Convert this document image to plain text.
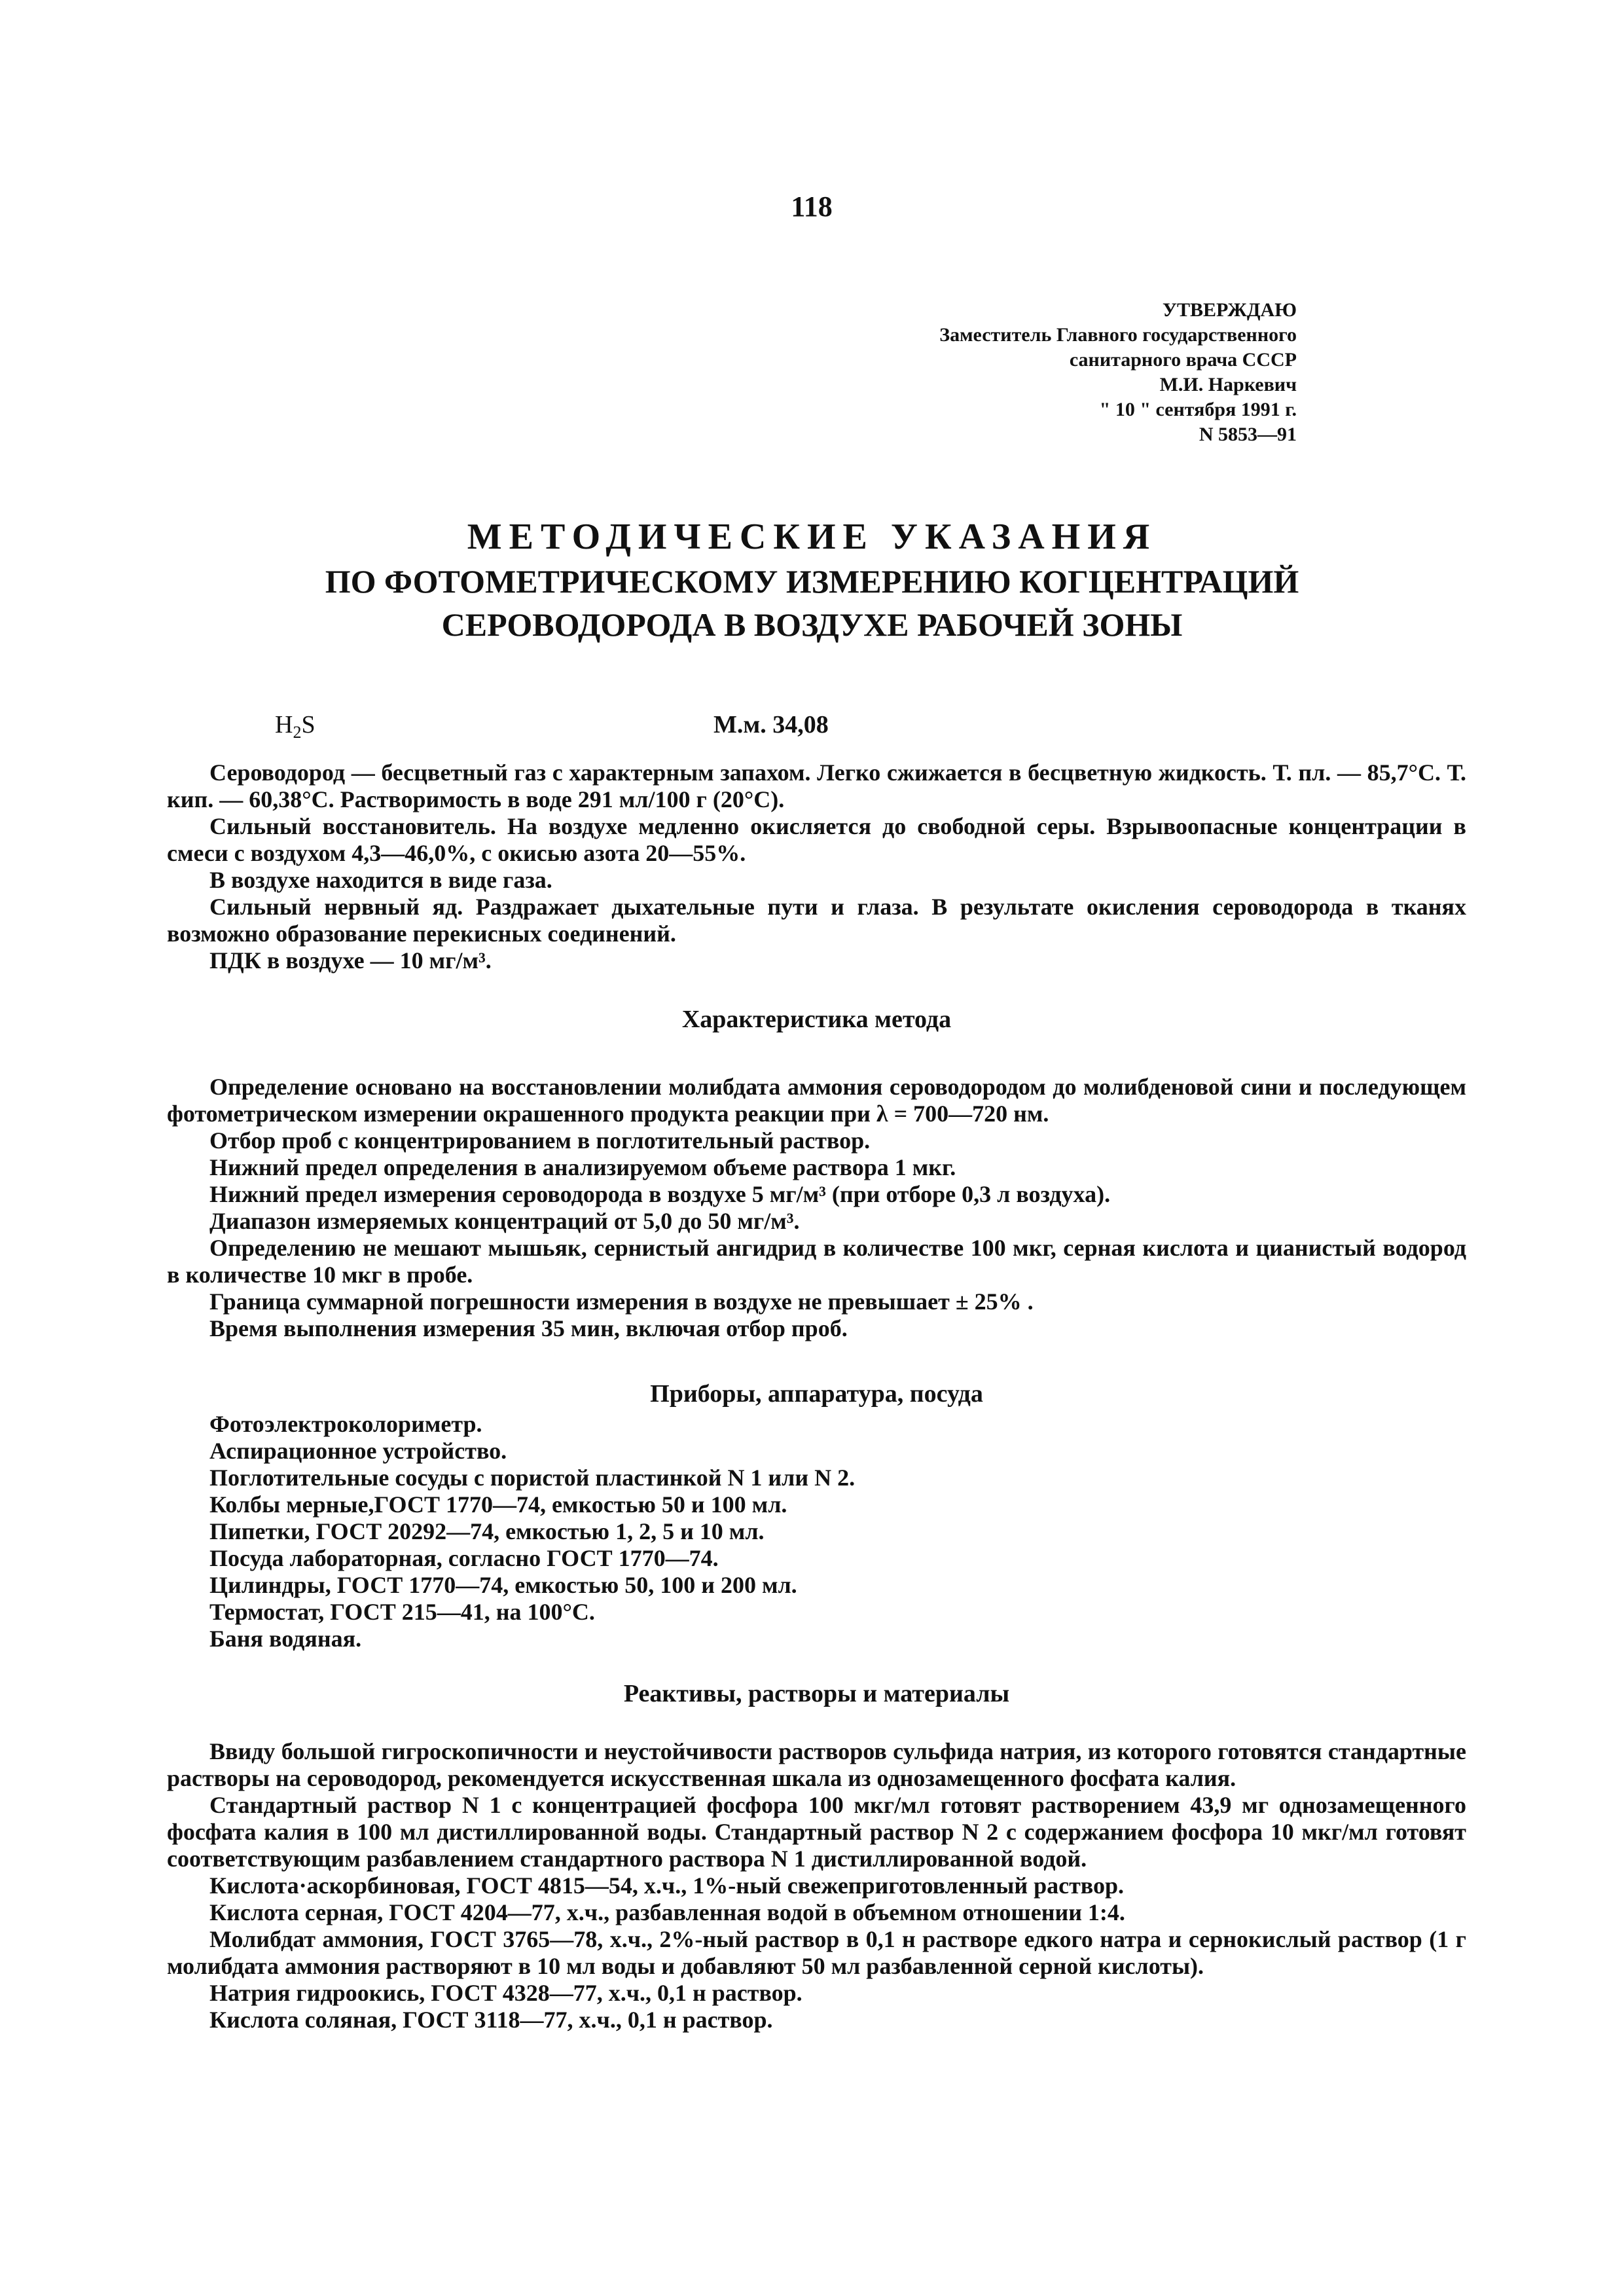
118
УТВЕРЖДАЮ
Заместитель Главного государственного
санитарного врача СССР
М.И. Наркевич
" 10 " сентября 1991 г.
N 5853—91
МЕТОДИЧЕСКИЕ УКАЗАНИЯ
ПО ФОТОМЕТРИЧЕСКОМУ ИЗМЕРЕНИЮ КОГЦЕНТРАЦИЙ
СЕРОВОДОРОДА В ВОЗДУХЕ РАБОЧЕЙ ЗОНЫ
$H_2S$	М.м. 34,08

Сероводород — бесцветный газ с характерным запахом. Легко сжижается в бесцветную жидкость. Т. пл. — 85,7°С. Т. кип. — 60,38°С. Растворимость в воде 291 мл/100 г (20°С).

Сильный восстановитель. На воздухе медленно окисляется до свободной серы. Взрывоопасные концентрации в смеси с воздухом 4,3—46,0%, с окисью азота 20—55%.

В воздухе находится в виде газа.

Сильный нервный яд. Раздражает дыхательные пути и глаза. В результате окисления сероводорода в тканях возможно образование перекисных соединений.

ПДК в воздухе — 10 мг/м³.

Характеристика метода

Определение основано на восстановлении молибдата аммония сероводородом до молибденовой сини и последующем фотометрическом измерении окрашенного продукта реакции при λ = 700—720 нм.

Отбор проб с концентрированием в поглотительный раствор.

Нижний предел определения в анализируемом объеме раствора 1 мкг.

Нижний предел измерения сероводорода в воздухе 5 мг/м³ (при отборе 0,3 л воздуха).

Диапазон измеряемых концентраций от 5,0 до 50 мг/м³.

Определению не мешают мышьяк, сернистый ангидрид в количестве 100 мкг, серная кислота и цианистый водород в количестве 10 мкг в пробе.

Граница суммарной погрешности измерения в воздухе не превышает ± 25% .

Время выполнения измерения 35 мин, включая отбор проб.

Приборы, аппаратура, посуда

Фотоэлектроколориметр.

Аспирационное устройство.

Поглотительные сосуды с пористой пластинкой N 1 или N 2.

Колбы мерные,ГОСТ 1770—74, емкостью 50 и 100 мл.

Пипетки, ГОСТ 20292—74, емкостью 1, 2, 5 и 10 мл.

Посуда лабораторная, согласно ГОСТ 1770—74.

Цилиндры, ГОСТ 1770—74, емкостью 50, 100 и 200 мл.

Термостат, ГОСТ 215—41, на 100°С.

Баня водяная.

Реактивы, растворы и материалы

Ввиду большой гигроскопичности и неустойчивости растворов сульфида натрия, из которого готовятся стандартные растворы на сероводород, рекомендуется искусственная шкала из однозамещенного фосфата калия.

Стандартный раствор N 1 с концентрацией фосфора 100 мкг/мл готовят растворением 43,9 мг однозамещенного фосфата калия в 100 мл дистиллированной воды. Стандартный раствор N 2 с содержанием фосфора 10 мкг/мл готовят соответствующим разбавлением стандартного раствора N 1 дистиллированной водой.

Кислота·аскорбиновая, ГОСТ 4815—54, х.ч., 1%-ный свежеприготовленный раствор.

Кислота серная, ГОСТ 4204—77, х.ч., разбавленная водой в объемном отношении 1:4.

Молибдат аммония, ГОСТ 3765—78, х.ч., 2%-ный раствор в 0,1 н растворе едкого натра и сернокислый раствор (1 г молибдата аммония растворяют в 10 мл воды и добавляют 50 мл разбавленной серной кислоты).

Натрия гидроокись, ГОСТ 4328—77, х.ч., 0,1 н раствор.

Кислота соляная, ГОСТ 3118—77, х.ч., 0,1 н раствор.
